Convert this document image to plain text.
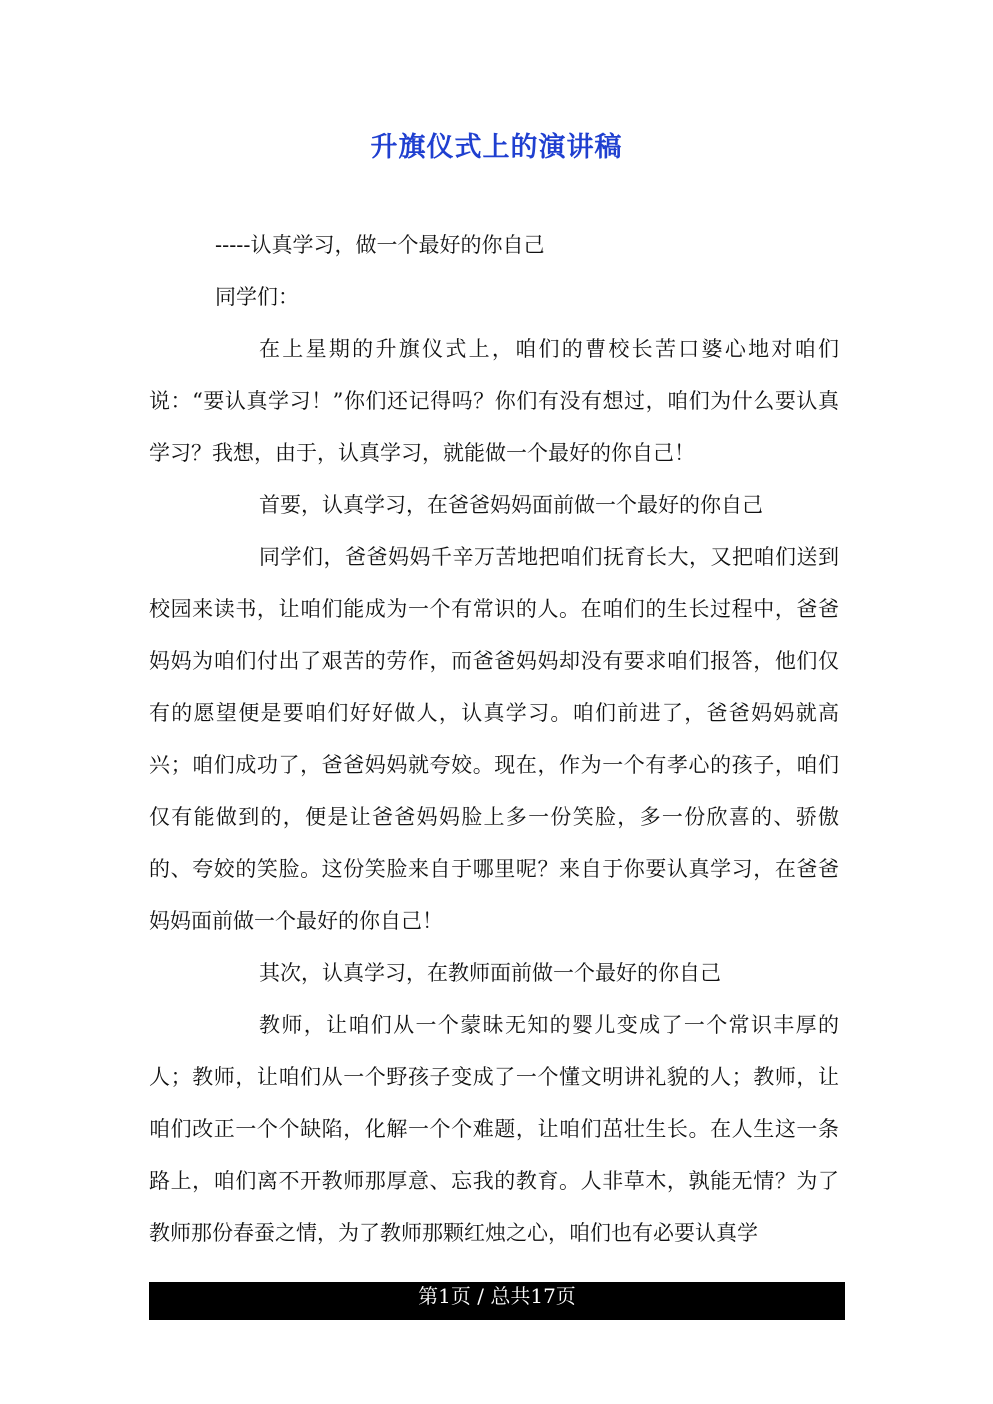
升旗仪式上的演讲稿

-----认真学习，做一个最好的你自己

同学们：

在上星期的升旗仪式上，咱们的曹校长苦口婆心地对咱们说：“要认真学习！”你们还记得吗？你们有没有想过，咱们为什么要认真学习？我想，由于，认真学习，就能做一个最好的你自己！

首要，认真学习，在爸爸妈妈面前做一个最好的你自己

同学们，爸爸妈妈千辛万苦地把咱们抚育长大，又把咱们送到校园来读书，让咱们能成为一个有常识的人。在咱们的生长过程中，爸爸妈妈为咱们付出了艰苦的劳作，而爸爸妈妈却没有要求咱们报答，他们仅有的愿望便是要咱们好好做人，认真学习。咱们前进了，爸爸妈妈就高兴；咱们成功了，爸爸妈妈就夸姣。现在，作为一个有孝心的孩子，咱们仅有能做到的，便是让爸爸妈妈脸上多一份笑脸，多一份欣喜的、骄傲的、夸姣的笑脸。这份笑脸来自于哪里呢？来自于你要认真学习，在爸爸妈妈面前做一个最好的你自己！

其次，认真学习，在教师面前做一个最好的你自己

教师，让咱们从一个蒙昧无知的婴儿变成了一个常识丰厚的人；教师，让咱们从一个野孩子变成了一个懂文明讲礼貌的人；教师，让咱们改正一个个缺陷，化解一个个难题，让咱们茁壮生长。在人生这一条路上，咱们离不开教师那厚意、忘我的教育。人非草木，孰能无情？为了教师那份春蚕之情，为了教师那颗红烛之心，咱们也有必要认真学

第1页 / 总共17页
